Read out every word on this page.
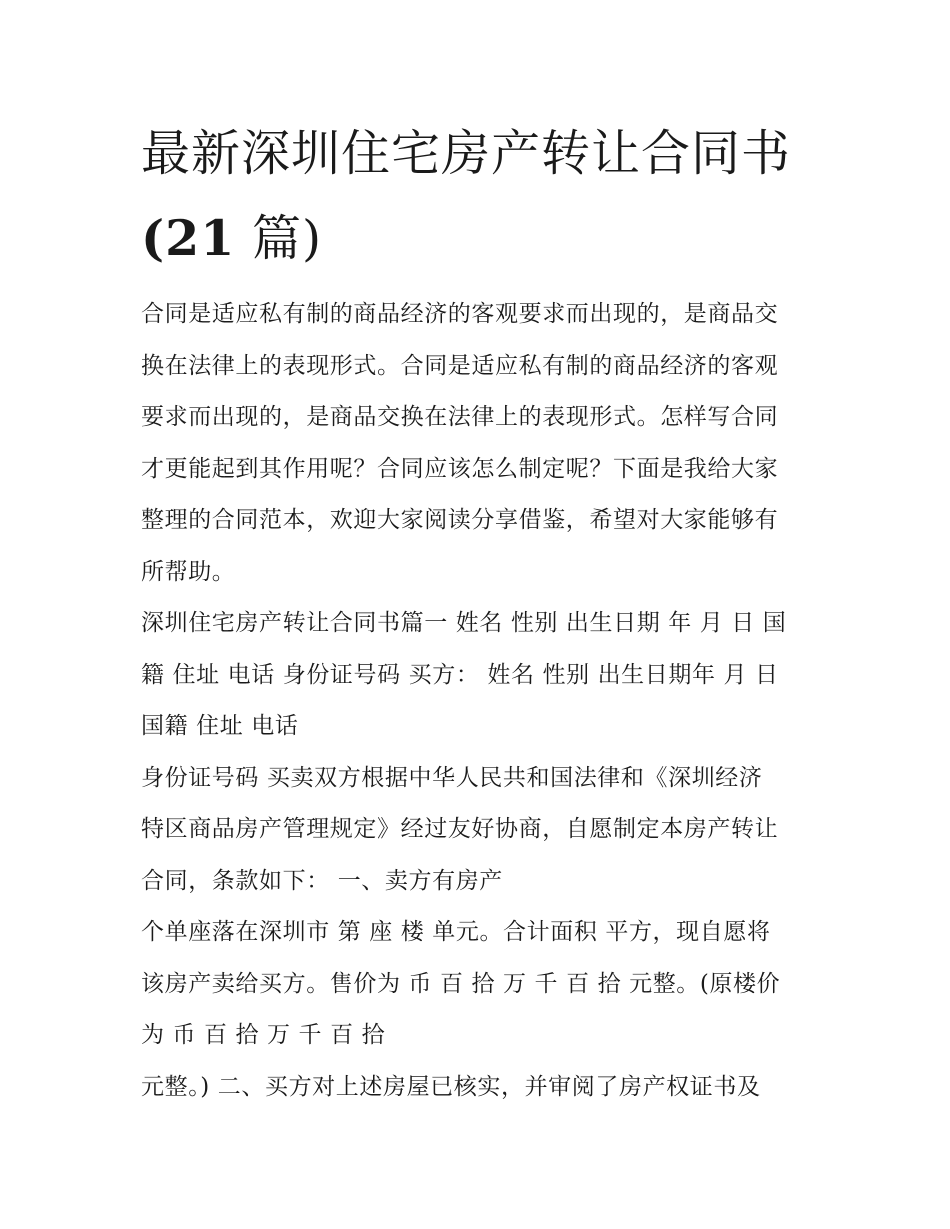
最新深圳住宅房产转让合同书
(21 篇)
合同是适应私有制的商品经济的客观要求而出现的，是商品交
换在法律上的表现形式。合同是适应私有制的商品经济的客观
要求而出现的，是商品交换在法律上的表现形式。怎样写合同
才更能起到其作用呢？合同应该怎么制定呢？下面是我给大家
整理的合同范本，欢迎大家阅读分享借鉴，希望对大家能够有
所帮助。
深圳住宅房产转让合同书篇一 姓名 性别 出生日期 年 月 日 国
籍 住址 电话 身份证号码 买方： 姓名 性别 出生日期年 月 日
国籍 住址 电话
身份证号码 买卖双方根据中华人民共和国法律和《深圳经济
特区商品房产管理规定》经过友好协商，自愿制定本房产转让
合同，条款如下： 一、卖方有房产
个单座落在深圳市 第 座 楼 单元。合计面积 平方，现自愿将
该房产卖给买方。售价为 币 百 拾 万 千 百 拾 元整。(原楼价
为 币 百 拾 万 千 百 拾
元整。) 二、买方对上述房屋已核实，并审阅了房产权证书及
